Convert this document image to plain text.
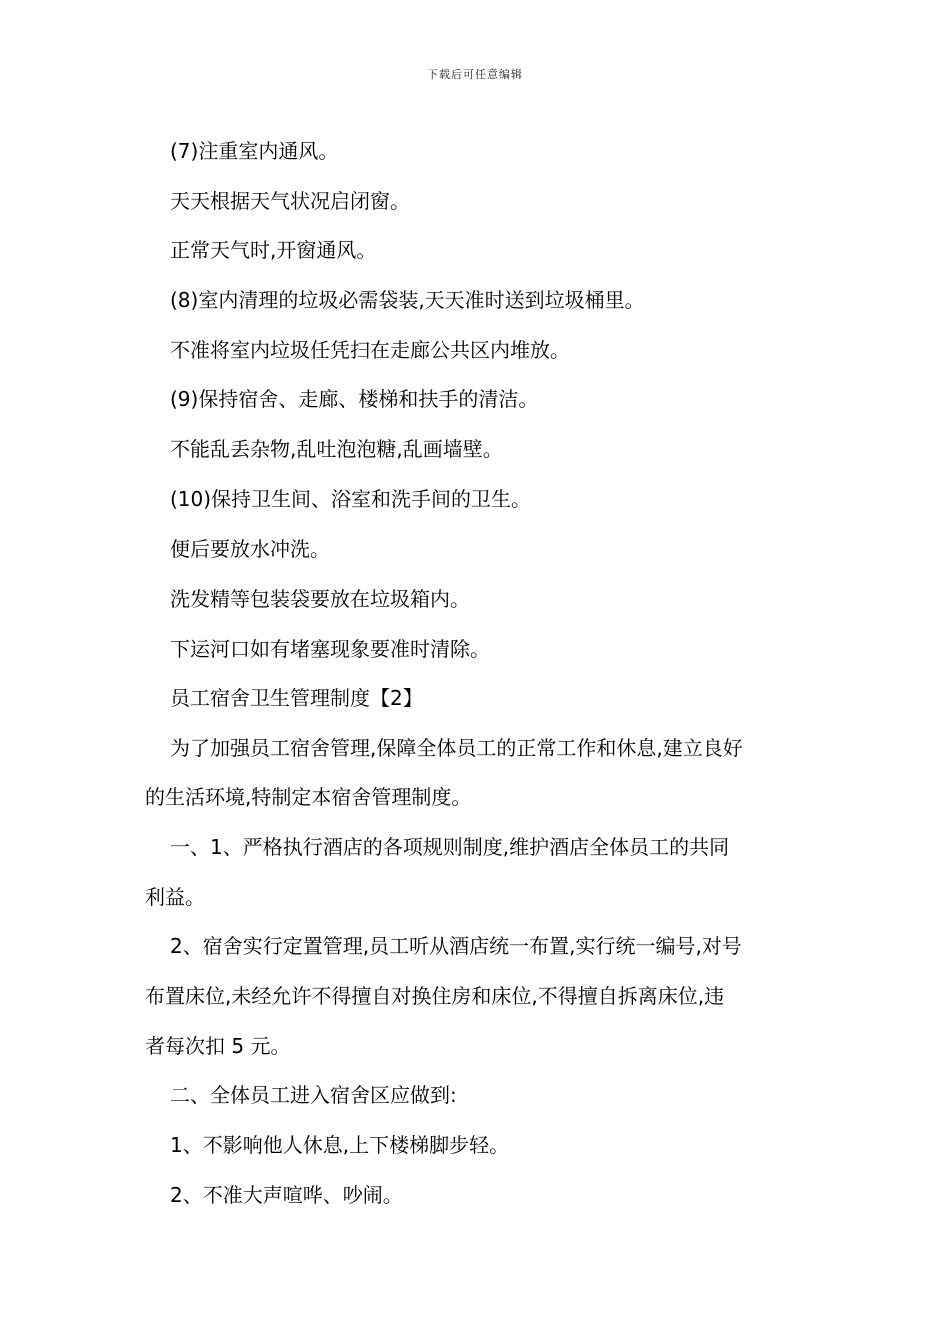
下载后可任意编辑
(7)注重室内通风。
天天根据天气状况启闭窗。
正常天气时,开窗通风。
(8)室内清理的垃圾必需袋装,天天准时送到垃圾桶里。
不准将室内垃圾任凭扫在走廊公共区内堆放。
(9)保持宿舍、走廊、楼梯和扶手的清洁。
不能乱丢杂物,乱吐泡泡糖,乱画墙壁。
(10)保持卫生间、浴室和洗手间的卫生。
便后要放水冲洗。
洗发精等包装袋要放在垃圾箱内。
下运河口如有堵塞现象要准时清除。
员工宿舍卫生管理制度【2】
为了加强员工宿舍管理,保障全体员工的正常工作和休息,建立良好
的生活环境,特制定本宿舍管理制度。
一、1、严格执行酒店的各项规则制度,维护酒店全体员工的共同
利益。
2、宿舍实行定置管理,员工听从酒店统一布置,实行统一编号,对号
布置床位,未经允许不得擅自对换住房和床位,不得擅自拆离床位,违
者每次扣 5 元。
二、全体员工进入宿舍区应做到:
1、不影响他人休息,上下楼梯脚步轻。
2、不准大声喧哗、吵闹。
